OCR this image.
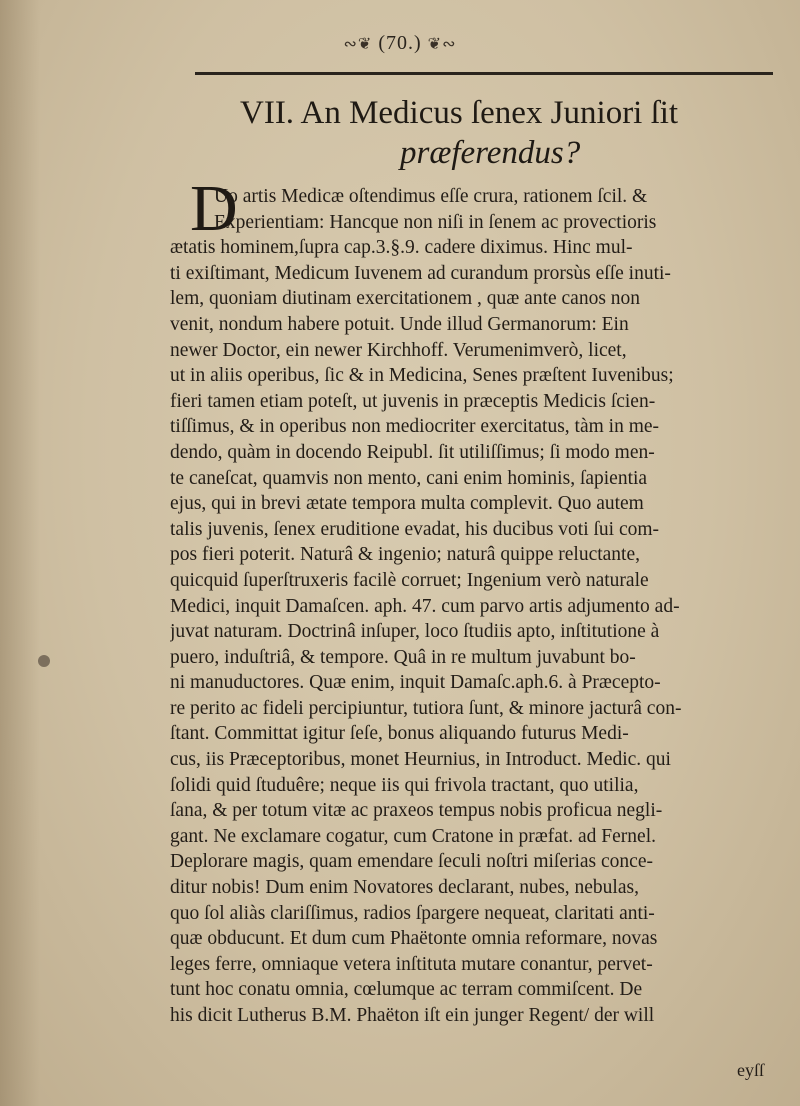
∾❦ (70.) ❦∾
VII. An Medicus ſenex Juniori ſit
præferendus?
D
Uo artis Medicæ oſtendimus eſſe crura, rationem ſcil. &
Experientiam: Hancque non niſi in ſenem ac provectioris
ætatis hominem,ſupra cap.3.§.9. cadere diximus. Hinc mul-
ti exiſtimant, Medicum Iuvenem ad curandum prorsùs eſſe inuti-
lem, quoniam diutinam exercitationem , quæ ante canos non
venit, nondum habere potuit. Unde illud Germanorum: Ein
newer Doctor, ein newer Kirchhoff. Verumenimverò, licet,
ut in aliis operibus, ſic & in Medicina, Senes præſtent Iuvenibus;
fieri tamen etiam poteſt, ut juvenis in præceptis Medicis ſcien-
tiſſimus, & in operibus non mediocriter exercitatus, tàm in me-
dendo, quàm in docendo Reipubl. ſit utiliſſimus; ſi modo men-
te caneſcat, quamvis non mento, cani enim hominis, ſapientia
ejus, qui in brevi ætate tempora multa complevit. Quo autem
talis juvenis, ſenex eruditione evadat, his ducibus voti ſui com-
pos fieri poterit. Naturâ & ingenio; naturâ quippe reluctante,
quicquid ſuperſtruxeris facilè corruet; Ingenium verò naturale
Medici, inquit Damaſcen. aph. 47. cum parvo artis adjumento ad-
juvat naturam. Doctrinâ inſuper, loco ſtudiis apto, inſtitutione à
puero, induſtriâ, & tempore. Quâ in re multum juvabunt bo-
ni manuductores. Quæ enim, inquit Damaſc.aph.6. à Præcepto-
re perito ac fideli percipiuntur, tutiora ſunt, & minore jacturâ con-
ſtant. Committat igitur ſeſe, bonus aliquando futurus Medi-
cus, iis Præceptoribus, monet Heurnius, in Introduct. Medic. qui
ſolidi quid ſtuduêre; neque iis qui frivola tractant, quo utilia,
ſana, & per totum vitæ ac praxeos tempus nobis proficua negli-
gant. Ne exclamare cogatur, cum Cratone in præfat. ad Fernel.
Deplorare magis, quam emendare ſeculi noſtri miſerias conce-
ditur nobis! Dum enim Novatores declarant, nubes, nebulas,
quo ſol aliàs clariſſimus, radios ſpargere nequeat, claritati anti-
quæ obducunt. Et dum cum Phaëtonte omnia reformare, novas
leges ferre, omniaque vetera inſtituta mutare conantur, pervet-
tunt hoc conatu omnia, cœlumque ac terram commiſcent. De
his dicit Lutherus B.M. Phaëton iſt ein junger Regent/ der will
eyſſ
